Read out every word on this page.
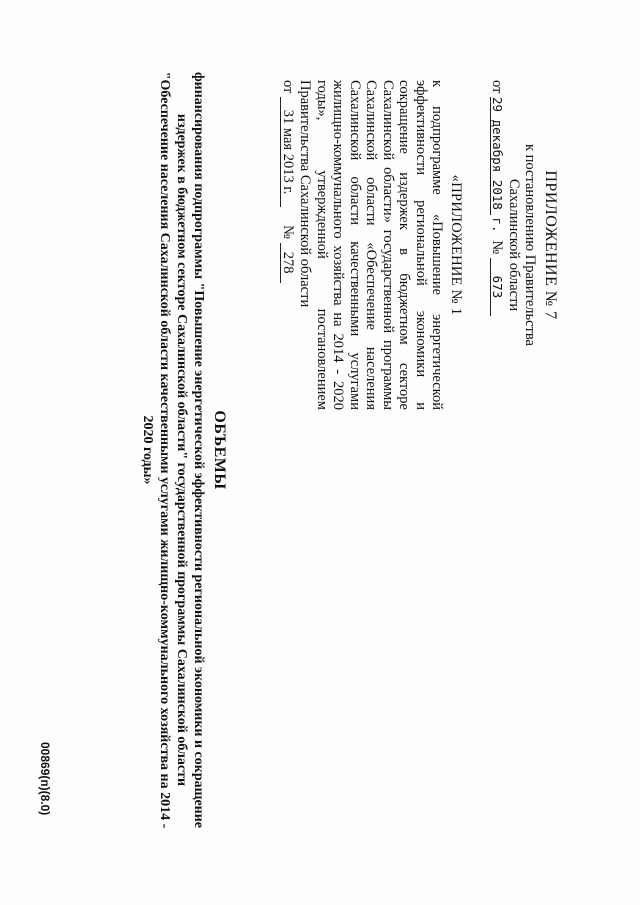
ПРИЛОЖЕНИЕ № 7
к постановлению Правительства
Сахалинской области
от 29 декабря 2018 г.       № 673
«ПРИЛОЖЕНИЕ № 1

к подпрограмме «Повышение энергетической эффективности региональной экономики и сокращение издержек в бюджетном секторе Сахалинской области» государственной программы Сахалинской области «Обеспечение населения Сахалинской области качественными услугами жилищно-коммунального хозяйства на 2014 - 2020 годы», утвержденной постановлением Правительства Сахалинской области

от 31 мая 2013 г.     № 278
ОБЪЕМЫ
финансирования подпрограммы "Повышение энергетической эффективности региональной экономики и сокращение издержек в бюджетном секторе Сахалинской области" государственной программы Сахалинской области "Обеспечение населения Сахалинской области качественными услугами жилищно-коммунального хозяйства на 2014 - 2020 годы»
00869(п)(8.0)
